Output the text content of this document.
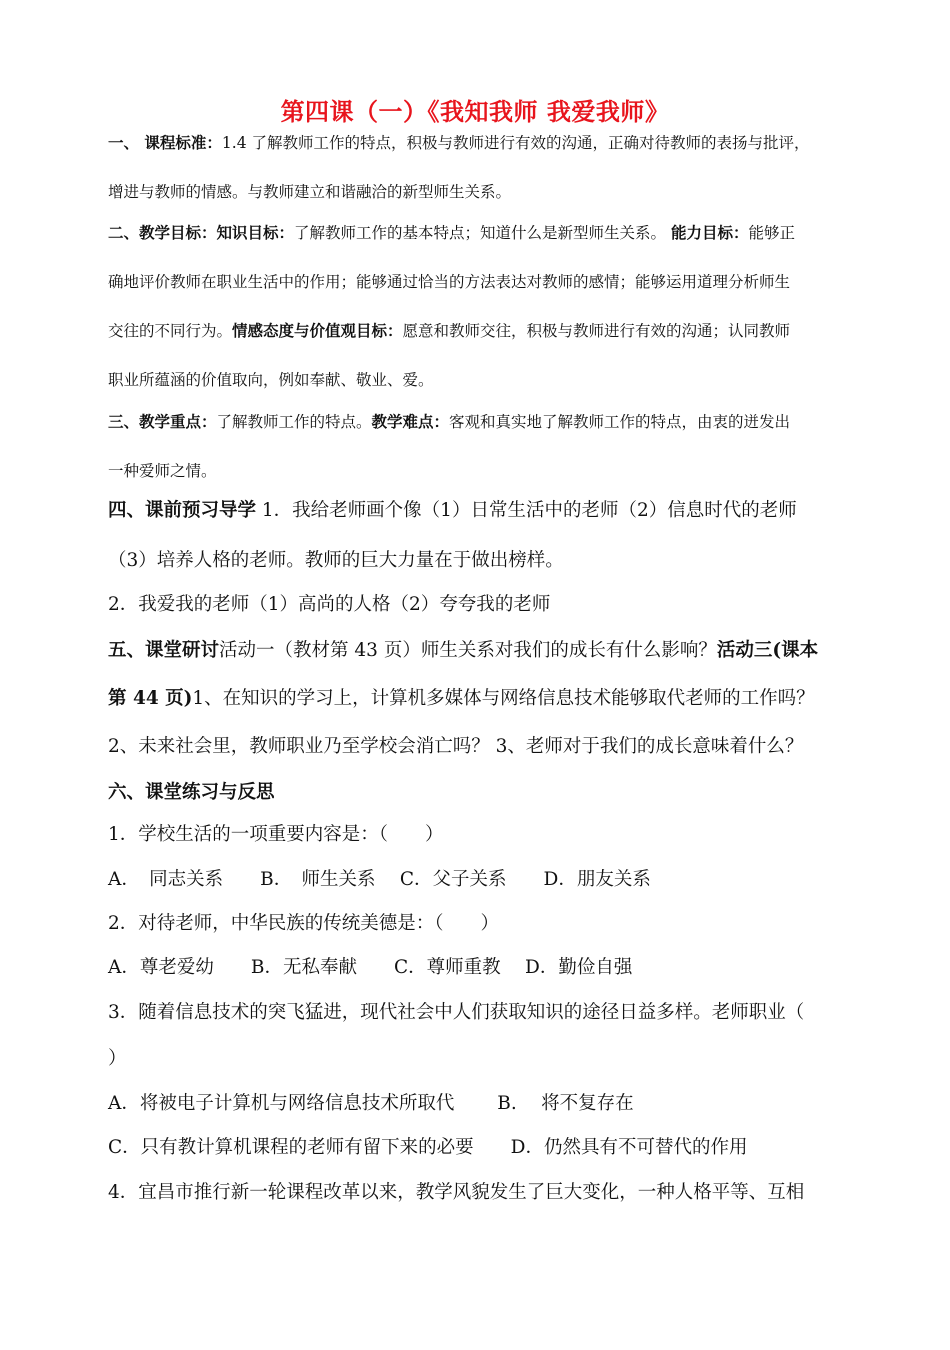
第四课（一）《我知我师 我爱我师》
一、 课程标准：1.4 了解教师工作的特点，积极与教师进行有效的沟通，正确对待教师的表扬与批评，
增进与教师的情感。与教师建立和谐融洽的新型师生关系。
二、教学目标：知识目标：了解教师工作的基本特点；知道什么是新型师生关系。 能力目标：能够正
确地评价教师在职业生活中的作用；能够通过恰当的方法表达对教师的感情；能够运用道理分析师生
交往的不同行为。情感态度与价值观目标：愿意和教师交往，积极与教师进行有效的沟通；认同教师
职业所蕴涵的价值取向，例如奉献、敬业、爱。
三、教学重点：了解教师工作的特点。教学难点：客观和真实地了解教师工作的特点，由衷的迸发出
一种爱师之情。
四、课前预习导学 1．我给老师画个像（1）日常生活中的老师（2）信息时代的老师
（3）培养人格的老师。教师的巨大力量在于做出榜样。
2．我爱我的老师（1）高尚的人格（2）夸夸我的老师
五、课堂研讨活动一（教材第 43 页）师生关系对我们的成长有什么影响？活动三(课本
第 44 页)1、在知识的学习上，计算机多媒体与网络信息技术能够取代老师的工作吗？
2、未来社会里，教师职业乃至学校会消亡吗？ 3、老师对于我们的成长意味着什么？
六、课堂练习与反思
1．学校生活的一项重要内容是：（　　）
A．　同志关系　　B．　师生关系　 C．父子关系　　D．朋友关系
2．对待老师，中华民族的传统美德是：（　　）
A．尊老爱幼　　B．无私奉献　　C．尊师重教　 D．勤俭自强
3．随着信息技术的突飞猛进，现代社会中人们获取知识的途径日益多样。老师职业（
）
A．将被电子计算机与网络信息技术所取代　　 B.　 将不复存在
C．只有教计算机课程的老师有留下来的必要　　D．仍然具有不可替代的作用
4．宜昌市推行新一轮课程改革以来，教学风貌发生了巨大变化，一种人格平等、互相
